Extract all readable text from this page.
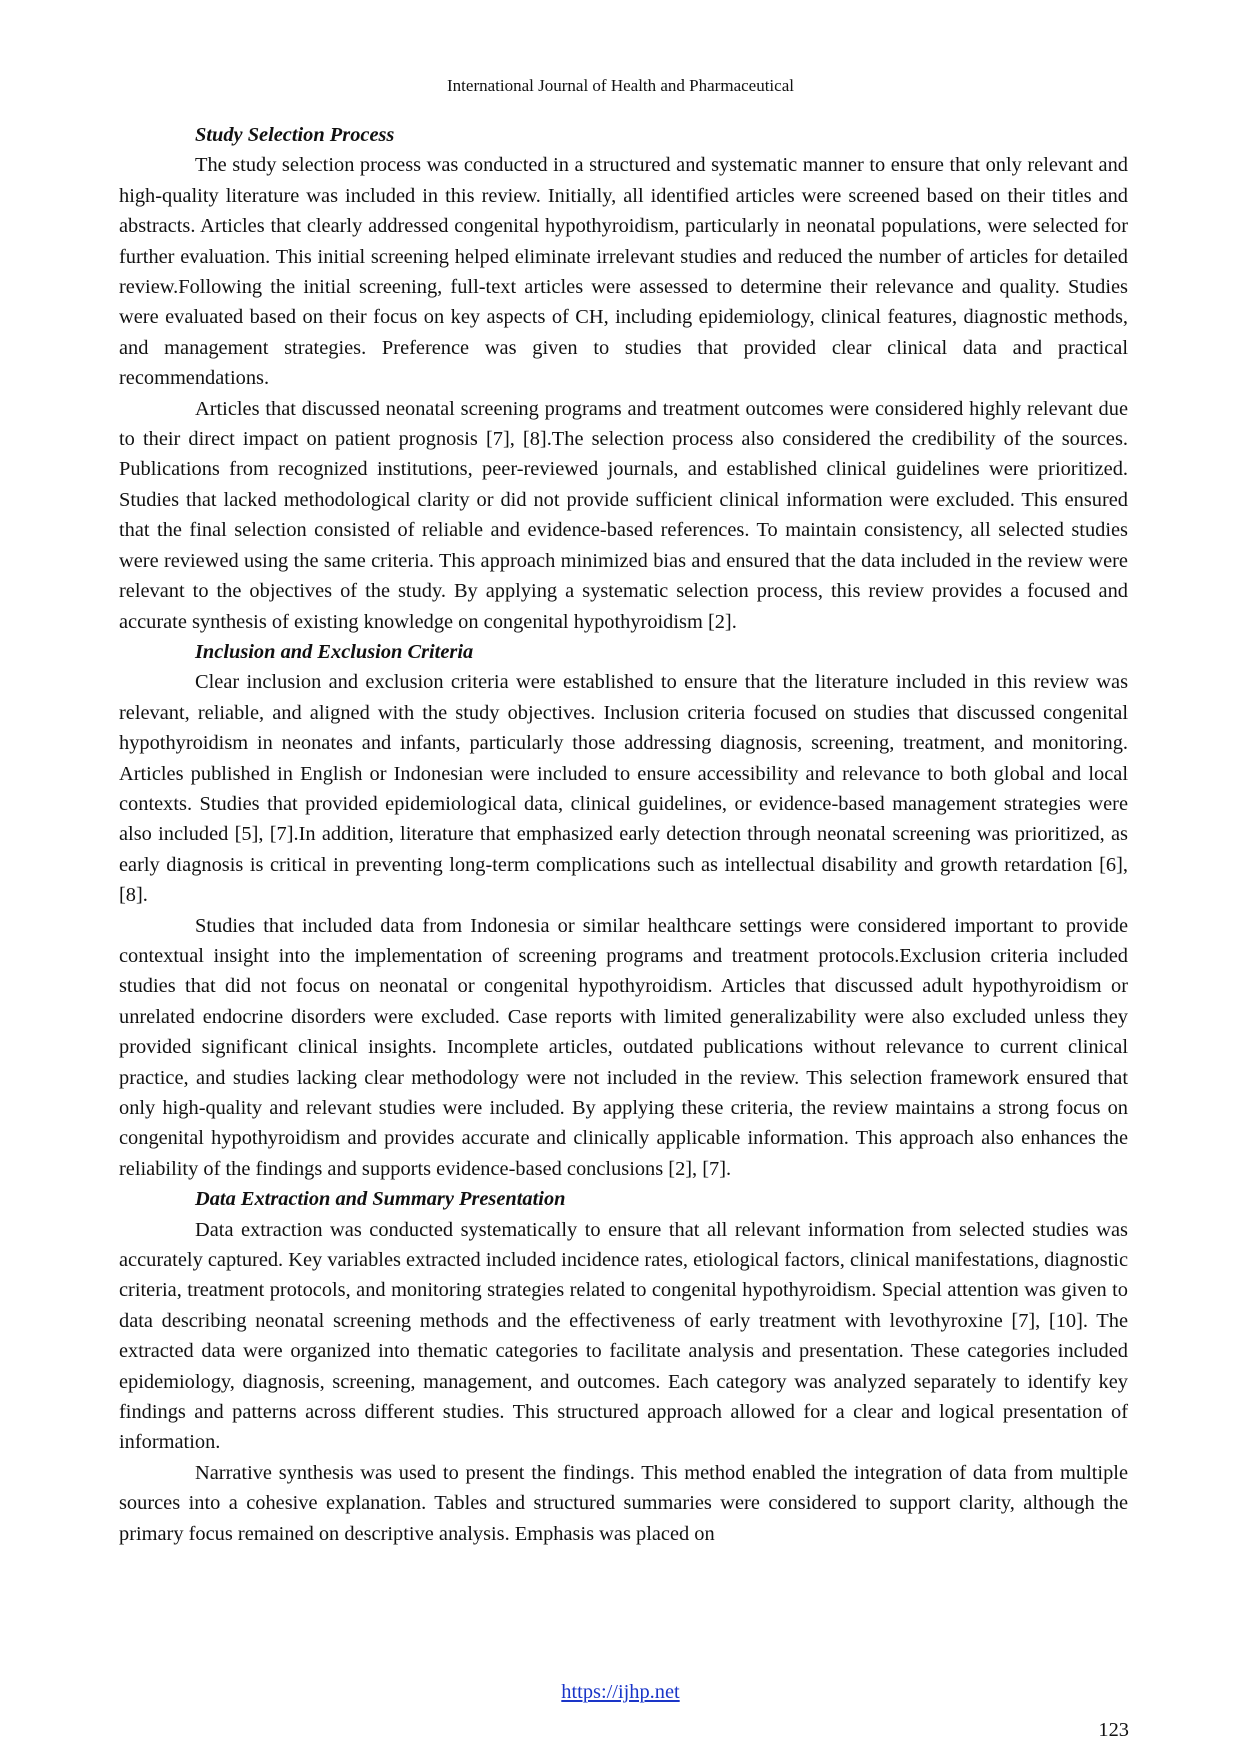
International Journal of Health and Pharmaceutical

Study Selection Process

The study selection process was conducted in a structured and systematic manner to ensure that only relevant and high-quality literature was included in this review. Initially, all identified articles were screened based on their titles and abstracts. Articles that clearly addressed congenital hypothyroidism, particularly in neonatal populations, were selected for further evaluation. This initial screening helped eliminate irrelevant studies and reduced the number of articles for detailed review.Following the initial screening, full-text articles were assessed to determine their relevance and quality. Studies were evaluated based on their focus on key aspects of CH, including epidemiology, clinical features, diagnostic methods, and management strategies. Preference was given to studies that provided clear clinical data and practical recommendations.

Articles that discussed neonatal screening programs and treatment outcomes were considered highly relevant due to their direct impact on patient prognosis [7], [8].The selection process also considered the credibility of the sources. Publications from recognized institutions, peer-reviewed journals, and established clinical guidelines were prioritized. Studies that lacked methodological clarity or did not provide sufficient clinical information were excluded. This ensured that the final selection consisted of reliable and evidence-based references. To maintain consistency, all selected studies were reviewed using the same criteria. This approach minimized bias and ensured that the data included in the review were relevant to the objectives of the study. By applying a systematic selection process, this review provides a focused and accurate synthesis of existing knowledge on congenital hypothyroidism [2].

Inclusion and Exclusion Criteria

Clear inclusion and exclusion criteria were established to ensure that the literature included in this review was relevant, reliable, and aligned with the study objectives. Inclusion criteria focused on studies that discussed congenital hypothyroidism in neonates and infants, particularly those addressing diagnosis, screening, treatment, and monitoring. Articles published in English or Indonesian were included to ensure accessibility and relevance to both global and local contexts. Studies that provided epidemiological data, clinical guidelines, or evidence-based management strategies were also included [5], [7].In addition, literature that emphasized early detection through neonatal screening was prioritized, as early diagnosis is critical in preventing long-term complications such as intellectual disability and growth retardation [6], [8].

Studies that included data from Indonesia or similar healthcare settings were considered important to provide contextual insight into the implementation of screening programs and treatment protocols.Exclusion criteria included studies that did not focus on neonatal or congenital hypothyroidism. Articles that discussed adult hypothyroidism or unrelated endocrine disorders were excluded. Case reports with limited generalizability were also excluded unless they provided significant clinical insights. Incomplete articles, outdated publications without relevance to current clinical practice, and studies lacking clear methodology were not included in the review. This selection framework ensured that only high-quality and relevant studies were included. By applying these criteria, the review maintains a strong focus on congenital hypothyroidism and provides accurate and clinically applicable information. This approach also enhances the reliability of the findings and supports evidence-based conclusions [2], [7].

Data Extraction and Summary Presentation

Data extraction was conducted systematically to ensure that all relevant information from selected studies was accurately captured. Key variables extracted included incidence rates, etiological factors, clinical manifestations, diagnostic criteria, treatment protocols, and monitoring strategies related to congenital hypothyroidism. Special attention was given to data describing neonatal screening methods and the effectiveness of early treatment with levothyroxine [7], [10]. The extracted data were organized into thematic categories to facilitate analysis and presentation. These categories included epidemiology, diagnosis, screening, management, and outcomes. Each category was analyzed separately to identify key findings and patterns across different studies. This structured approach allowed for a clear and logical presentation of information.

Narrative synthesis was used to present the findings. This method enabled the integration of data from multiple sources into a cohesive explanation. Tables and structured summaries were considered to support clarity, although the primary focus remained on descriptive analysis. Emphasis was placed on

https://ijhp.net
123
